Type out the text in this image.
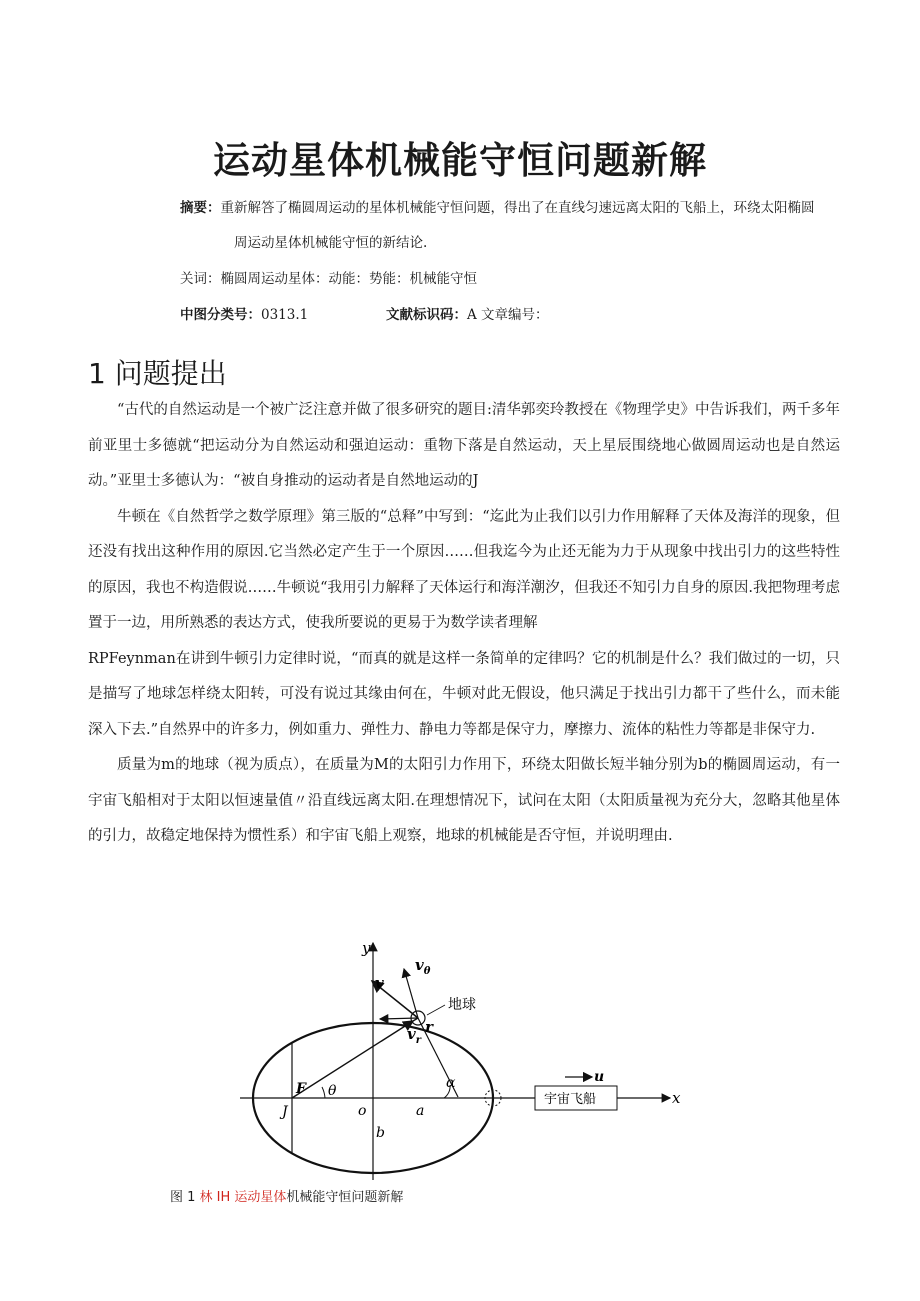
运动星体机械能守恒问题新解
摘要：重新解答了椭圆周运动的星体机械能守恒问题，得出了在直线匀速远离太阳的飞船上，环绕太阳椭圆
周运动星体机械能守恒的新结论.
关词：椭圆周运动星体：动能：势能：机械能守恒
中图分类号：0313.1	文献标识码：A 文章编号：
1 问题提出

“古代的自然运动是一个被广泛注意并做了很多研究的题目:清华郭奕玲教授在《物理学史》中告诉我们，两千多年前亚里士多德就“把运动分为自然运动和强迫运动：重物下落是自然运动，天上星辰围绕地心做圆周运动也是自然运动。”亚里士多德认为：“被自身推动的运动者是自然地运动的J

牛顿在《自然哲学之数学原理》第三版的“总释”中写到：“迄此为止我们以引力作用解释了天体及海洋的现象，但还没有找出这种作用的原因.它当然必定产生于一个原因……但我迄今为止还无能为力于从现象中找出引力的这些特性的原因，我也不构造假说……牛顿说“我用引力解释了天体运行和海洋潮汐，但我还不知引力自身的原因.我把物理考虑置于一边，用所熟悉的表达方式，使我所要说的更易于为数学读者理解

RPFeynman在讲到牛顿引力定律时说，“而真的就是这样一条简单的定律吗？它的机制是什么？我们做过的一切，只是描写了地球怎样绕太阳转，可没有说过其缘由何在，牛顿对此无假设，他只满足于找出引力都干了些什么，而未能深入下去.”自然界中的许多力，例如重力、弹性力、静电力等都是保守力，摩擦力、流体的粘性力等都是非保守力.

质量为m的地球（视为质点），在质量为M的太阳引力作用下，环绕太阳做长短半轴分别为b的椭圆周运动，有一宇宙飞船相对于太阳以恒速量值〃沿直线远离太阳.在理想情况下，试问在太阳（太阳质量视为充分大，忽略其他星体的引力，故稳定地保持为惯性系）和宇宙飞船上观察，地球的机械能是否守恒，并说明理由.

y
x
v
$v_\theta$
r
$v_r$
地球
F θ
J	o	a
α
b
u
宇宙飞船
图 1 林 IH 运动星体机械能守恒问题新解
